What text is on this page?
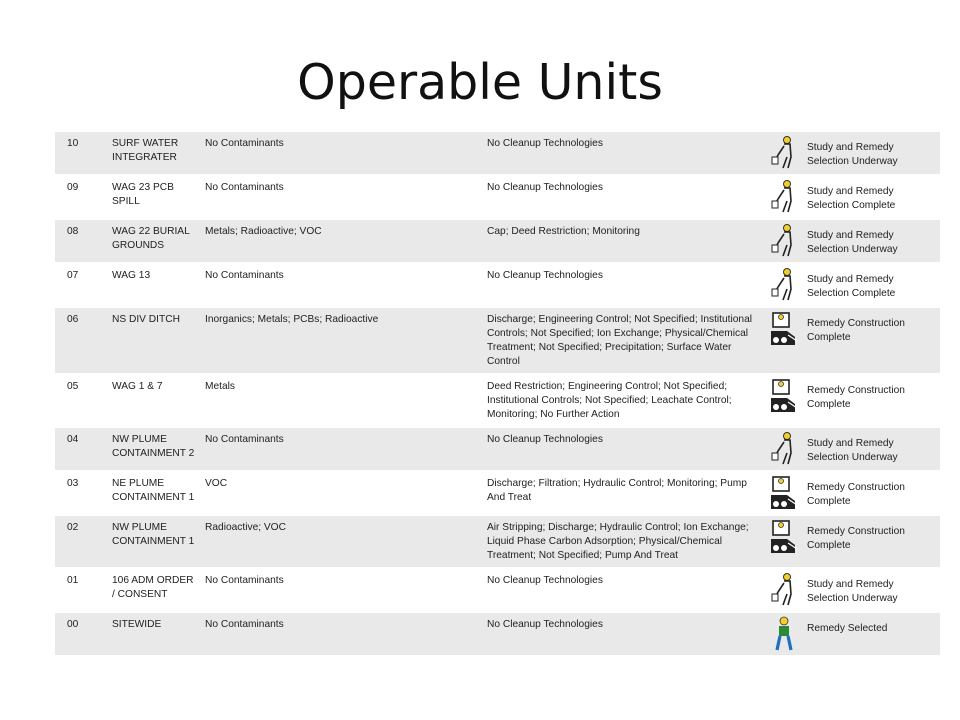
Operable Units
10	SURF WATER INTEGRATER	No Contaminants	No Cleanup Technologies		Study and Remedy Selection Underway
09	WAG 23 PCB SPILL	No Contaminants	No Cleanup Technologies		Study and Remedy Selection Complete
08	WAG 22 BURIAL GROUNDS	Metals; Radioactive; VOC	Cap; Deed Restriction; Monitoring		Study and Remedy Selection Underway
07	WAG 13	No Contaminants	No Cleanup Technologies		Study and Remedy Selection Complete
06	NS DIV DITCH	Inorganics; Metals; PCBs; Radioactive	Discharge; Engineering Control; Not Specified; Institutional Controls; Not Specified; Ion Exchange; Physical/Chemical Treatment; Not Specified; Precipitation; Surface Water Control		Remedy Construction Complete
05	WAG 1 & 7	Metals	Deed Restriction; Engineering Control; Not Specified; Institutional Controls; Not Specified; Leachate Control; Monitoring; No Further Action		Remedy Construction Complete
04	NW PLUME CONTAINMENT 2	No Contaminants	No Cleanup Technologies		Study and Remedy Selection Underway
03	NE PLUME CONTAINMENT 1	VOC	Discharge; Filtration; Hydraulic Control; Monitoring; Pump And Treat		Remedy Construction Complete
02	NW PLUME CONTAINMENT 1	Radioactive; VOC	Air Stripping; Discharge; Hydraulic Control; Ion Exchange; Liquid Phase Carbon Adsorption; Physical/Chemical Treatment; Not Specified; Pump And Treat		Remedy Construction Complete
01	106 ADM ORDER / CONSENT	No Contaminants	No Cleanup Technologies		Study and Remedy Selection Underway
00	SITEWIDE	No Contaminants	No Cleanup Technologies		Remedy Selected
